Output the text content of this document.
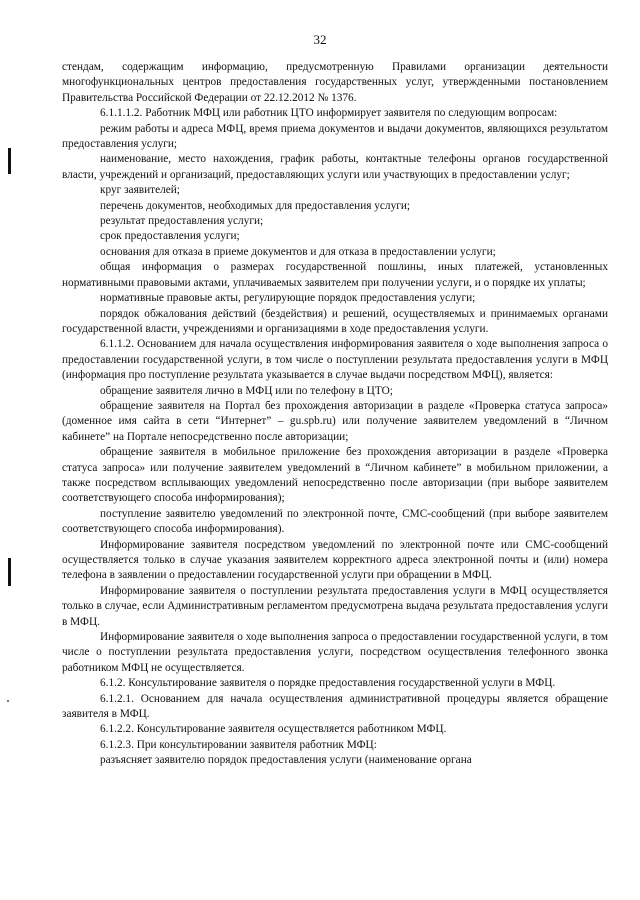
32

стендам, содержащим информацию, предусмотренную Правилами организации деятельности многофункциональных центров предоставления государственных услуг, утвержденными постановлением Правительства Российской Федерации от 22.12.2012 № 1376.

6.1.1.1.2. Работник МФЦ или работник ЦТО информирует заявителя по следующим вопросам:

режим работы и адреса МФЦ, время приема документов и выдачи документов, являющихся результатом предоставления услуги;

наименование, место нахождения, график работы, контактные телефоны органов государственной власти, учреждений и организаций, предоставляющих услуги или участвующих в предоставлении услуг;

круг заявителей;

перечень документов, необходимых для предоставления услуги;

результат предоставления услуги;

срок предоставления услуги;

основания для отказа в приеме документов и для отказа в предоставлении услуги;

общая информация о размерах государственной пошлины, иных платежей, установленных нормативными правовыми актами, уплачиваемых заявителем при получении услуги, и о порядке их уплаты;

нормативные правовые акты, регулирующие порядок предоставления услуги;

порядок обжалования действий (бездействия) и решений, осуществляемых и принимаемых органами государственной власти, учреждениями и организациями в ходе предоставления услуги.

6.1.1.2. Основанием для начала осуществления информирования заявителя о ходе выполнения запроса о предоставлении государственной услуги, в том числе о поступлении результата предоставления услуги в МФЦ (информация про поступление результата указывается в случае выдачи посредством МФЦ), является:

обращение заявителя лично в МФЦ или по телефону в ЦТО;

обращение заявителя на Портал без прохождения авторизации в разделе «Проверка статуса запроса» (доменное имя сайта в сети “Интернет” – gu.spb.ru) или получение заявителем уведомлений в “Личном кабинете” на Портале непосредственно после авторизации;

обращение заявителя в мобильное приложение без прохождения авторизации в разделе «Проверка статуса запроса» или получение заявителем уведомлений в “Личном кабинете” в мобильном приложении, а также посредством всплывающих уведомлений непосредственно после авторизации (при выборе заявителем соответствующего способа информирования);

поступление заявителю уведомлений по электронной почте, СМС-сообщений (при выборе заявителем соответствующего способа информирования).

Информирование заявителя посредством уведомлений по электронной почте или СМС-сообщений осуществляется только в случае указания заявителем корректного адреса электронной почты и (или) номера телефона в заявлении о предоставлении государственной услуги при обращении в МФЦ.

Информирование заявителя о поступлении результата предоставления услуги в МФЦ осуществляется только в случае, если Административным регламентом предусмотрена выдача результата предоставления услуги в МФЦ.

Информирование заявителя о ходе выполнения запроса о предоставлении государственной услуги, в том числе о поступлении результата предоставления услуги, посредством осуществления телефонного звонка работником МФЦ не осуществляется.

6.1.2. Консультирование заявителя о порядке предоставления государственной услуги в МФЦ.

6.1.2.1. Основанием для начала осуществления административной процедуры является обращение заявителя в МФЦ.

6.1.2.2. Консультирование заявителя осуществляется работником МФЦ.

6.1.2.3. При консультировании заявителя работник МФЦ:

разъясняет заявителю порядок предоставления услуги (наименование органа
